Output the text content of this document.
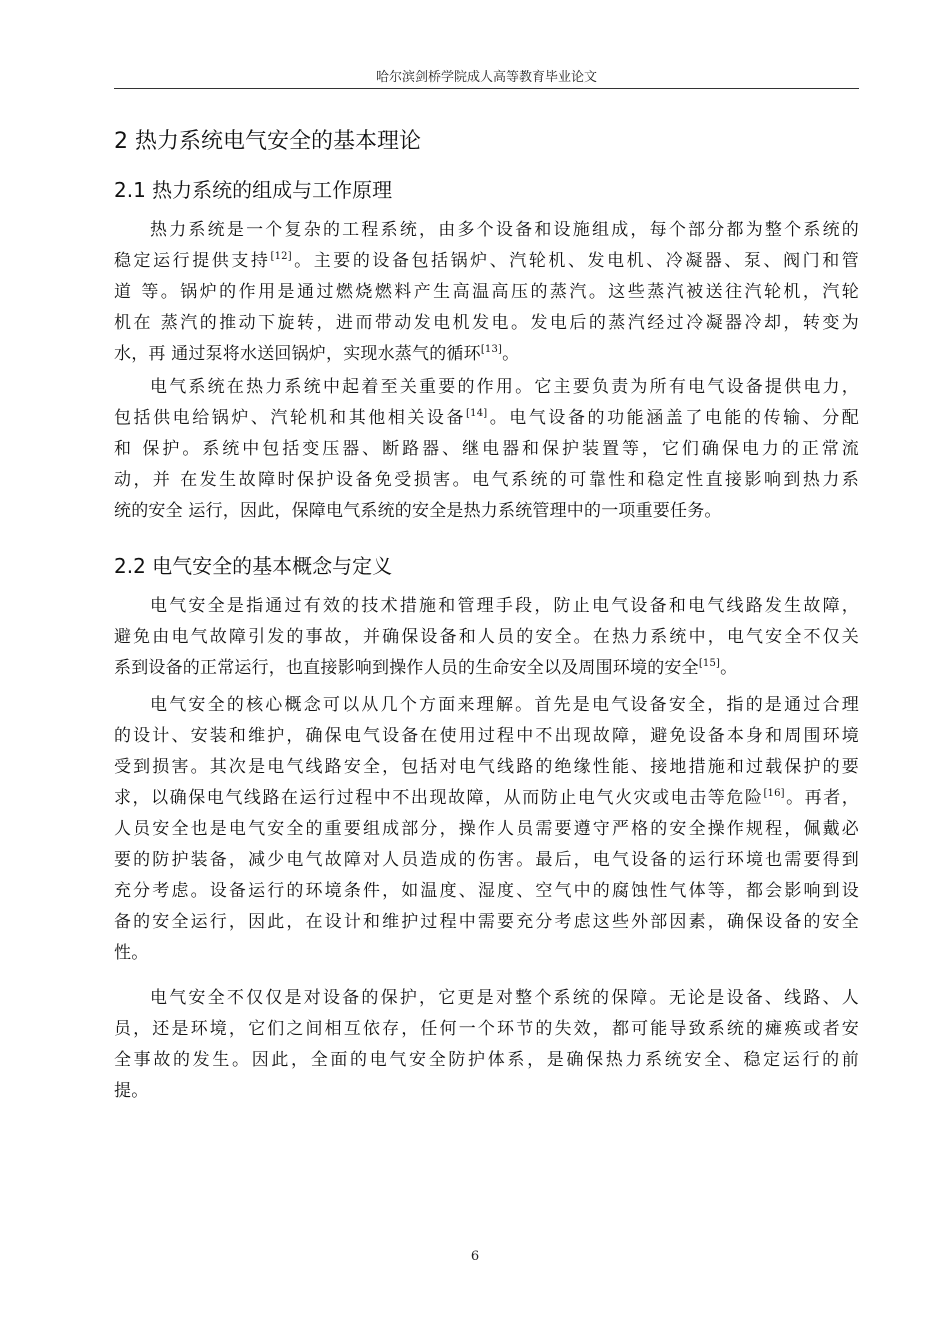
哈尔滨剑桥学院成人高等教育毕业论文
2 热力系统电气安全的基本理论
2.1 热力系统的组成与工作原理
热力系统是一个复杂的工程系统，由多个设备和设施组成，每个部分都为整个系统的
稳定运行提供支持[12]。主要的设备包括锅炉、汽轮机、发电机、冷凝器、泵、阀门和管
道 等。锅炉的作用是通过燃烧燃料产生高温高压的蒸汽。这些蒸汽被送往汽轮机，汽轮
机在 蒸汽的推动下旋转，进而带动发电机发电。发电后的蒸汽经过冷凝器冷却，转变为
水，再 通过泵将水送回锅炉，实现水蒸气的循环[13]。
电气系统在热力系统中起着至关重要的作用。它主要负责为所有电气设备提供电力，
包括供电给锅炉、汽轮机和其他相关设备[14]。电气设备的功能涵盖了电能的传输、分配
和 保护。系统中包括变压器、断路器、继电器和保护装置等，它们确保电力的正常流
动，并 在发生故障时保护设备免受损害。电气系统的可靠性和稳定性直接影响到热力系
统的安全 运行，因此，保障电气系统的安全是热力系统管理中的一项重要任务。
2.2 电气安全的基本概念与定义
电气安全是指通过有效的技术措施和管理手段，防止电气设备和电气线路发生故障，
避免由电气故障引发的事故，并确保设备和人员的安全。在热力系统中，电气安全不仅关
系到设备的正常运行，也直接影响到操作人员的生命安全以及周围环境的安全[15]。
电气安全的核心概念可以从几个方面来理解。首先是电气设备安全，指的是通过合理
的设计、安装和维护，确保电气设备在使用过程中不出现故障，避免设备本身和周围环境
受到损害。其次是电气线路安全，包括对电气线路的绝缘性能、接地措施和过载保护的要
求，以确保电气线路在运行过程中不出现故障，从而防止电气火灾或电击等危险[16]。再者，
人员安全也是电气安全的重要组成部分，操作人员需要遵守严格的安全操作规程，佩戴必
要的防护装备，减少电气故障对人员造成的伤害。最后，电气设备的运行环境也需要得到
充分考虑。设备运行的环境条件，如温度、湿度、空气中的腐蚀性气体等，都会影响到设
备的安全运行，因此，在设计和维护过程中需要充分考虑这些外部因素，确保设备的安全
性。
电气安全不仅仅是对设备的保护，它更是对整个系统的保障。无论是设备、线路、人
员，还是环境，它们之间相互依存，任何一个环节的失效，都可能导致系统的瘫痪或者安
全事故的发生。因此，全面的电气安全防护体系，是确保热力系统安全、稳定运行的前
提。
6
